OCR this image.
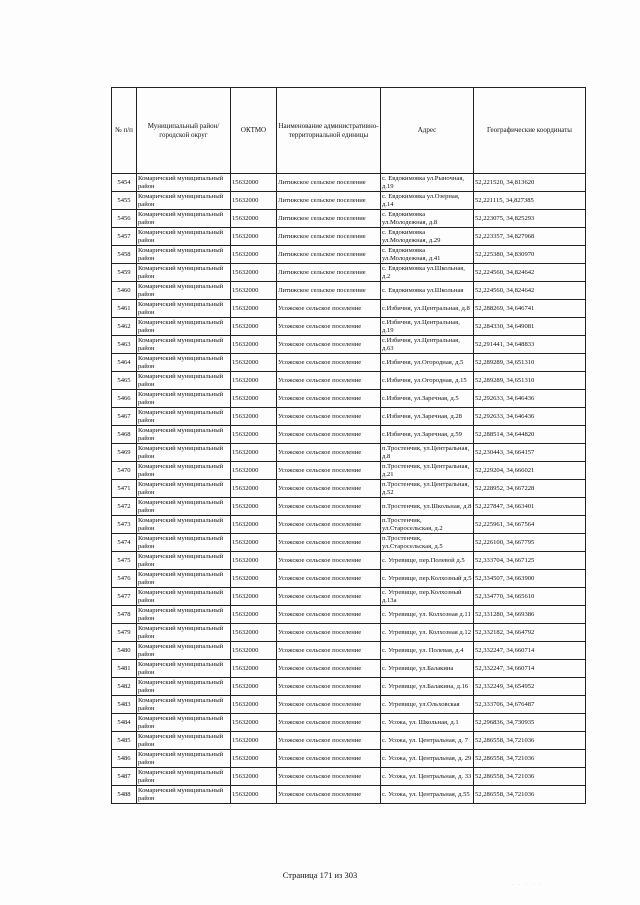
№ п/п	Муниципальный район/городской округ	ОКТМО	Наименование административно-территориальной единицы	Адрес	Географические координаты
5454	Комаричский муниципальный район	15632000	Литижское сельское поселение	с. Евдокимовка ул.Рыночная, д.19	52,221520, 34,813620
5455	Комаричский муниципальный район	15632000	Литижское сельское поселение	с. Евдокимовка ул.Озерная, д.14	52,221115, 34,827385
5456	Комаричский муниципальный район	15632000	Литижское сельское поселение	с. Евдокимовка ул.Молодежная, д.8	52,223075, 34,825293
5457	Комаричский муниципальный район	15632000	Литижское сельское поселение	с. Евдокимовка ул.Молодежная, д.29	52,223357, 34,827968
5458	Комаричский муниципальный район	15632000	Литижское сельское поселение	с. Евдокимовка ул.Молодежная, д.41	52,225380, 34,830970
5459	Комаричский муниципальный район	15632000	Литижское сельское поселение	с. Евдокимовка ул.Школьная, д.2	52,224560, 34,824642
5460	Комаричский муниципальный район	15632000	Литижское сельское поселение	с. Евдокимовка ул.Школьная	52,224560, 34,824642
5461	Комаричский муниципальный район	15632000	Усожское сельское поселение	с.Избичня, ул.Центральная, д.8	52,288269, 34,646741
5462	Комаричский муниципальный район	15632000	Усожское сельское поселение	с.Избичня, ул.Центральная, д.19	52,284330, 34,649081
5463	Комаричский муниципальный район	15632000	Усожское сельское поселение	с.Избичня, ул.Центральная, д.63	52,291441, 34,648833
5464	Комаричский муниципальный район	15632000	Усожское сельское поселение	с.Избичня, ул.Огородная, д.5	52,289289, 34,651310
5465	Комаричский муниципальный район	15632000	Усожское сельское поселение	с.Избичня, ул.Огородная, д.15	52,289289, 34,651310
5466	Комаричский муниципальный район	15632000	Усожское сельское поселение	с.Избичня, ул.Заречная, д.5	52,292633, 34,646436
5467	Комаричский муниципальный район	15632000	Усожское сельское поселение	с.Избичня, ул.Заречная, д.28	52,292633, 34,646436
5468	Комаричский муниципальный район	15632000	Усожское сельское поселение	с.Избичня, ул.Заречная, д.59	52,288514, 34,644820
5469	Комаричский муниципальный район	15632000	Усожское сельское поселение	п.Тростенчик, ул.Центральная, д.8	52,230443, 34,664157
5470	Комаричский муниципальный район	15632000	Усожское сельское поселение	п.Тростенчик, ул.Центральная, д.21	52,229204, 34,666021
5471	Комаричский муниципальный район	15632000	Усожское сельское поселение	п.Тростенчик, ул.Центральная, д.52	52,228952, 34,667228
5472	Комаричский муниципальный район	15632000	Усожское сельское поселение	п.Тростенчик, ул.Школьная, д.8	52,227847, 34,663401
5473	Комаричский муниципальный район	15632000	Усожское сельское поселение	п.Тростенчик, ул.Старосельская, д.2	52,225961, 34,667564
5474	Комаричский муниципальный район	15632000	Усожское сельское поселение	п.Тростенчик, ул.Старосельская, д.5	52,226100, 34,667795
5475	Комаричский муниципальный район	15632000	Усожское сельское поселение	с. Угревище, пер.Полевой д.5	52,333704, 34,667125
5476	Комаричский муниципальный район	15632000	Усожское сельское поселение	с. Угревище, пер.Колхозный д.5	52,334507, 34,663900
5477	Комаричский муниципальный район	15632000	Усожское сельское поселение	с. Угревище, пер.Колхозный д.13а	52,334770, 34,665610
5478	Комаричский муниципальный район	15632000	Усожское сельское поселение	с. Угревище, ул. Колхозная д.11	52,331280, 34,669386
5479	Комаричский муниципальный район	15632000	Усожское сельское поселение	с. Угревище, ул. Колхозная д.12	52,332182, 34,664792
5480	Комаричский муниципальный район	15632000	Усожское сельское поселение	с. Угревище, ул. Полевая, д.4	52,332247, 34,660714
5481	Комаричский муниципальный район	15632000	Усожское сельское поселение	с. Угревище, ул.Балакина	52,332247, 34,660714
5482	Комаричский муниципальный район	15632000	Усожское сельское поселение	с. Угревище, ул.Балакина, д.16	52,332249, 34,654952
5483	Комаричский муниципальный район	15632000	Усожское сельское поселение	с. Угревище, ул.Ольховская	52,333706, 34,676487
5484	Комаричский муниципальный район	15632000	Усожское сельское поселение	с. Усожа, ул. Школьная, д.1	52,296836, 34,730935
5485	Комаричский муниципальный район	15632000	Усожское сельское поселение	с. Усожа, ул. Центральная, д. 7	52,286558, 34,721036
5486	Комаричский муниципальный район	15632000	Усожское сельское поселение	с. Усожа, ул. Центральная, д. 29	52,286558, 34,721036
5487	Комаричский муниципальный район	15632000	Усожское сельское поселение	с. Усожа, ул. Центральная, д. 33	52,286558, 34,721036
5488	Комаричский муниципальный район	15632000	Усожское сельское поселение	с. Усожа, ул. Центральная, д.55	52,286558, 34,721036
Страница 171 из 303
· · · · ·
